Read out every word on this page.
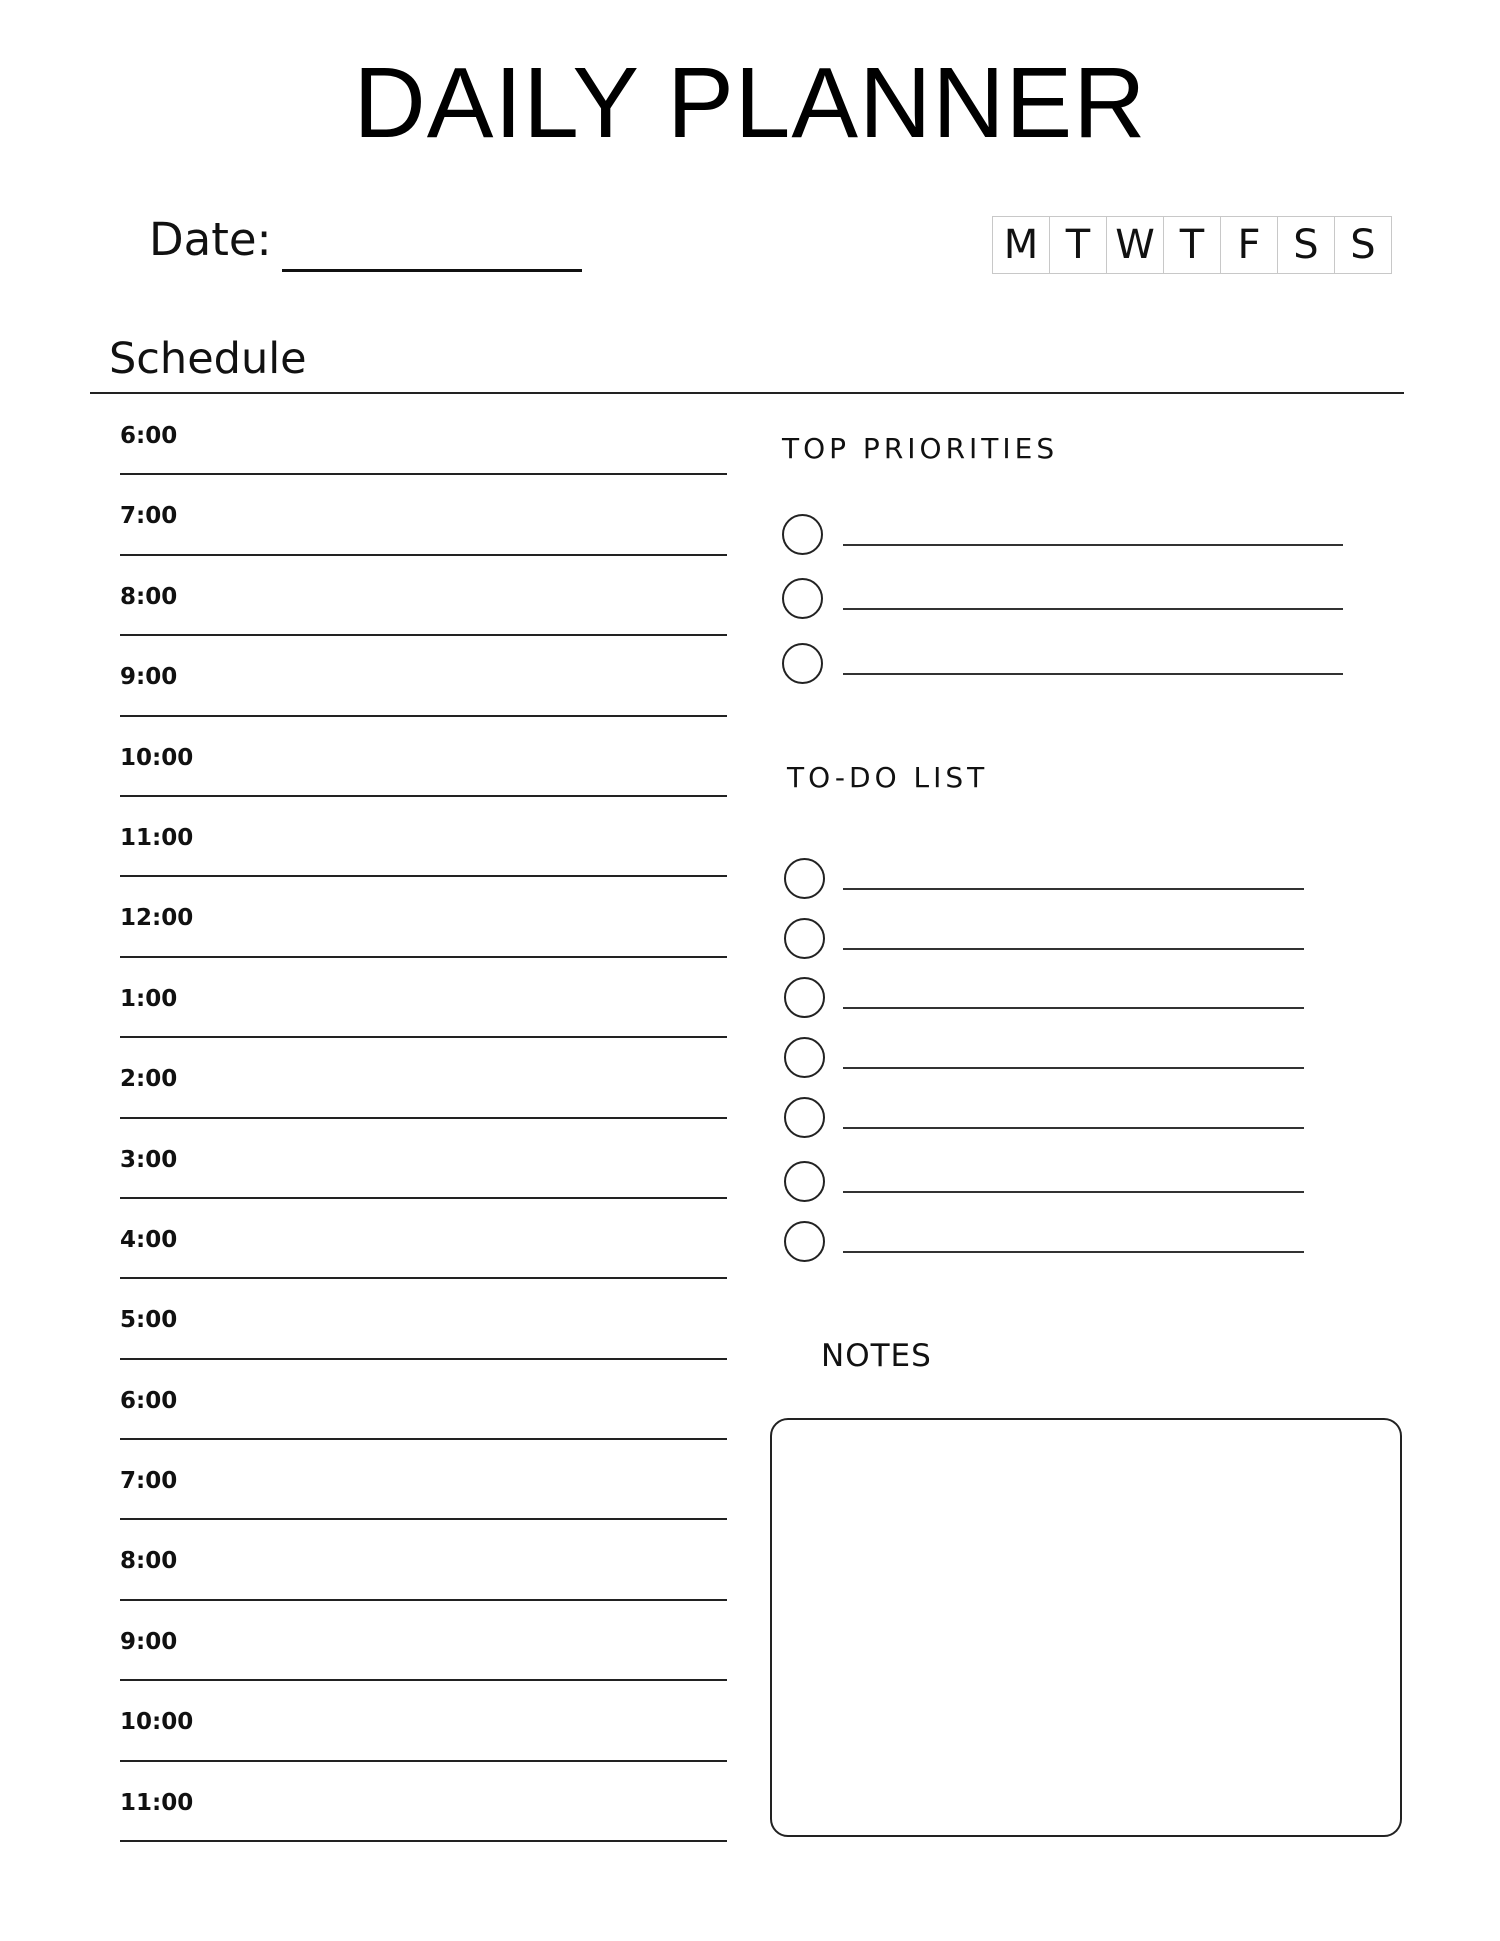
DAILY PLANNER
Date:	M T W T F S S
Schedule
6:00
7:00
8:00
9:00
10:00
11:00
12:00
1:00
2:00
3:00
4:00
5:00
6:00
7:00
8:00
9:00
10:00
11:00
TOP PRIORITIES
TO-DO LIST
NOTES
